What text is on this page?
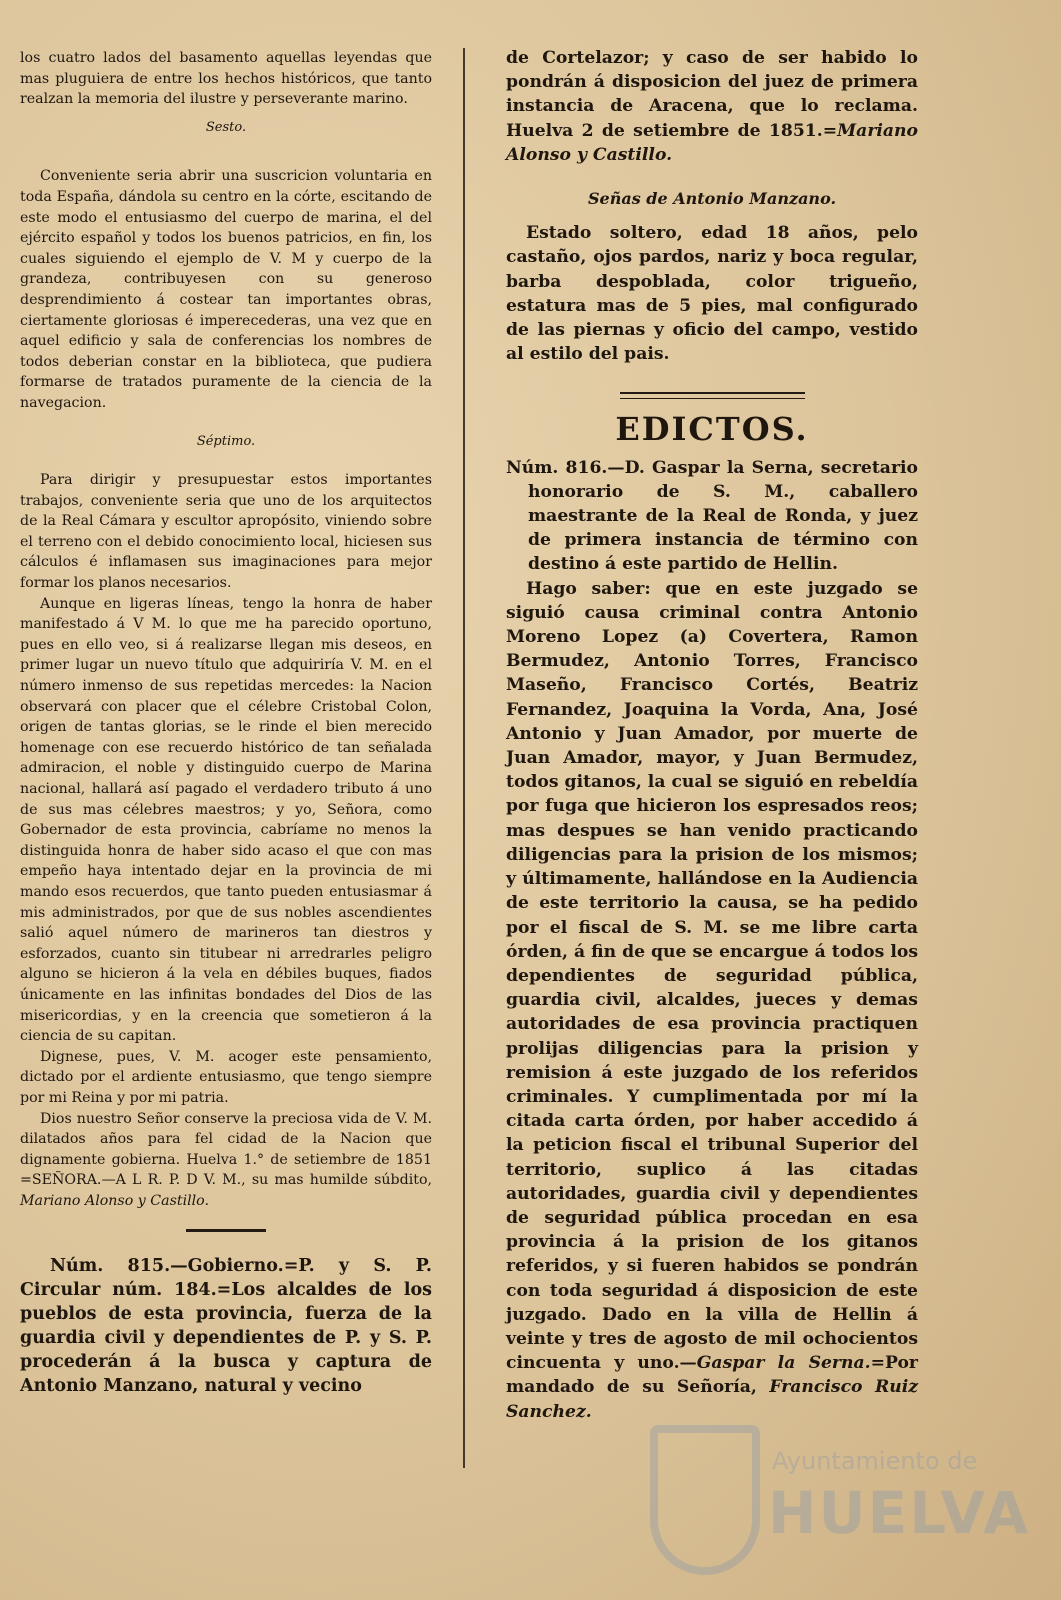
los cuatro lados del basamento aquellas leyendas que mas pluguiera de entre los hechos históricos, que tanto realzan la memoria del ilustre y perseverante marino.

Sesto.

Conveniente seria abrir una suscricion voluntaria en toda España, dándola su centro en la córte, escitando de este modo el entusiasmo del cuerpo de marina, el del ejército español y todos los buenos patricios, en fin, los cuales siguiendo el ejemplo de V. M y cuerpo de la grandeza, contribuyesen con su generoso desprendimiento á costear tan importantes obras, ciertamente gloriosas é imperecederas, una vez que en aquel edificio y sala de conferencias los nombres de todos deberian constar en la biblioteca, que pudiera formarse de tratados puramente de la ciencia de la navegacion.

Séptimo.

Para dirigir y presupuestar estos importantes trabajos, conveniente seria que uno de los arquitectos de la Real Cámara y escultor apropósito, viniendo sobre el terreno con el debido conocimiento local, hiciesen sus cálculos é inflamasen sus imaginaciones para mejor formar los planos necesarios.

Aunque en ligeras líneas, tengo la honra de haber manifestado á V M. lo que me ha parecido oportuno, pues en ello veo, si á realizarse llegan mis deseos, en primer lugar un nuevo título que adquiriría V. M. en el número inmenso de sus repetidas mercedes: la Nacion observará con placer que el célebre Cristobal Colon, origen de tantas glorias, se le rinde el bien merecido homenage con ese recuerdo histórico de tan señalada admiracion, el noble y distinguido cuerpo de Marina nacional, hallará así pagado el verdadero tributo á uno de sus mas célebres maestros; y yo, Señora, como Gobernador de esta provincia, cabríame no menos la distinguida honra de haber sido acaso el que con mas empeño haya intentado dejar en la provincia de mi mando esos recuerdos, que tanto pueden entusiasmar á mis administrados, por que de sus nobles ascendientes salió aquel número de marineros tan diestros y esforzados, cuanto sin titubear ni arredrarles peligro alguno se hicieron á la vela en débiles buques, fiados únicamente en las infinitas bondades del Dios de las misericordias, y en la creencia que sometieron á la ciencia de su capitan.

Dignese, pues, V. M. acoger este pensamiento, dictado por el ardiente entusiasmo, que tengo siempre por mi Reina y por mi patria.

Dios nuestro Señor conserve la preciosa vida de V. M. dilatados años para fel cidad de la Nacion que dignamente gobierna. Huelva 1.° de setiembre de 1851 =SEÑORA.—A L R. P. D V. M., su mas humilde súbdito, Mariano Alonso y Castillo.

Núm. 815.—Gobierno.=P. y S. P. Circular núm. 184.=Los alcaldes de los pueblos de esta provincia, fuerza de la guardia civil y dependientes de P. y S. P. procederán á la busca y captura de Antonio Manzano, natural y vecino

de Cortelazor; y caso de ser habido lo pondrán á disposicion del juez de primera instancia de Aracena, que lo reclama. Huelva 2 de setiembre de 1851.=Mariano Alonso y Castillo.

Señas de Antonio Manzano.

Estado soltero, edad 18 años, pelo castaño, ojos pardos, nariz y boca regular, barba despoblada, color trigueño, estatura mas de 5 pies, mal configurado de las piernas y oficio del campo, vestido al estilo del pais.

EDICTOS.

Núm. 816.—D. Gaspar la Serna, secretario honorario de S. M., caballero maestrante de la Real de Ronda, y juez de primera instancia de término con destino á este partido de Hellin.

Hago saber: que en este juzgado se siguió causa criminal contra Antonio Moreno Lopez (a) Covertera, Ramon Bermudez, Antonio Torres, Francisco Maseño, Francisco Cortés, Beatriz Fernandez, Joaquina la Vorda, Ana, José Antonio y Juan Amador, por muerte de Juan Amador, mayor, y Juan Bermudez, todos gitanos, la cual se siguió en rebeldía por fuga que hicieron los espresados reos; mas despues se han venido practicando diligencias para la prision de los mismos; y últimamente, hallándose en la Audiencia de este territorio la causa, se ha pedido por el fiscal de S. M. se me libre carta órden, á fin de que se encargue á todos los dependientes de seguridad pública, guardia civil, alcaldes, jueces y demas autoridades de esa provincia practiquen prolijas diligencias para la prision y remision á este juzgado de los referidos criminales. Y cumplimentada por mí la citada carta órden, por haber accedido á la peticion fiscal el tribunal Superior del territorio, suplico á las citadas autoridades, guardia civil y dependientes de seguridad pública procedan en esa provincia á la prision de los gitanos referidos, y si fueren habidos se pondrán con toda seguridad á disposicion de este juzgado. Dado en la villa de Hellin á veinte y tres de agosto de mil ochocientos cincuenta y uno.—Gaspar la Serna.=Por mandado de su Señoría, Francisco Ruiz Sanchez.

Ayuntamiento de
HUELVA
